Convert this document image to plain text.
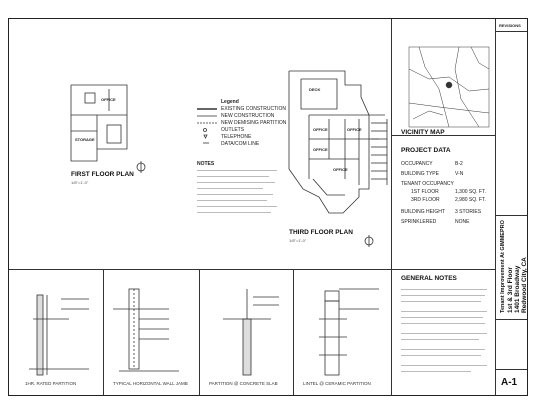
OFFICE
STORAGE
FIRST FLOOR PLAN
1/8"=1'-0"
DECK
OFFICE	OFFICE
OFFICE
OFFICE
THIRD FLOOR PLAN
1/8"=1'-0"
Legend
EXISTING CONSTRUCTION
NEW CONSTRUCTION
NEW DEMISING PARTITION
OUTLETS
TELEPHONE
DATA/COM LINE
NOTES
VICINITY MAP
PROJECT DATA
OCCUPANCY	B-2
BUILDING TYPE	V-N
TENANT OCCUPANCY
1ST FLOOR	1,300 SQ. FT.
3RD FLOOR	2,980 SQ. FT.
BUILDING HEIGHT 3 STORIES
SPRINKLERED	NONE
GENERAL NOTES
1HR. RATED PARTITION	TYPICAL HORIZONTAL WALL JAMB	PARTITION @ CONCRETE SLAB	LINTEL @ CERAMIC PARTITION
REVISIONS
Tenant Improvement At GIMMEPRO 1st & 3rd Floor 1401 Broadway Redwood City, CA
A-1
